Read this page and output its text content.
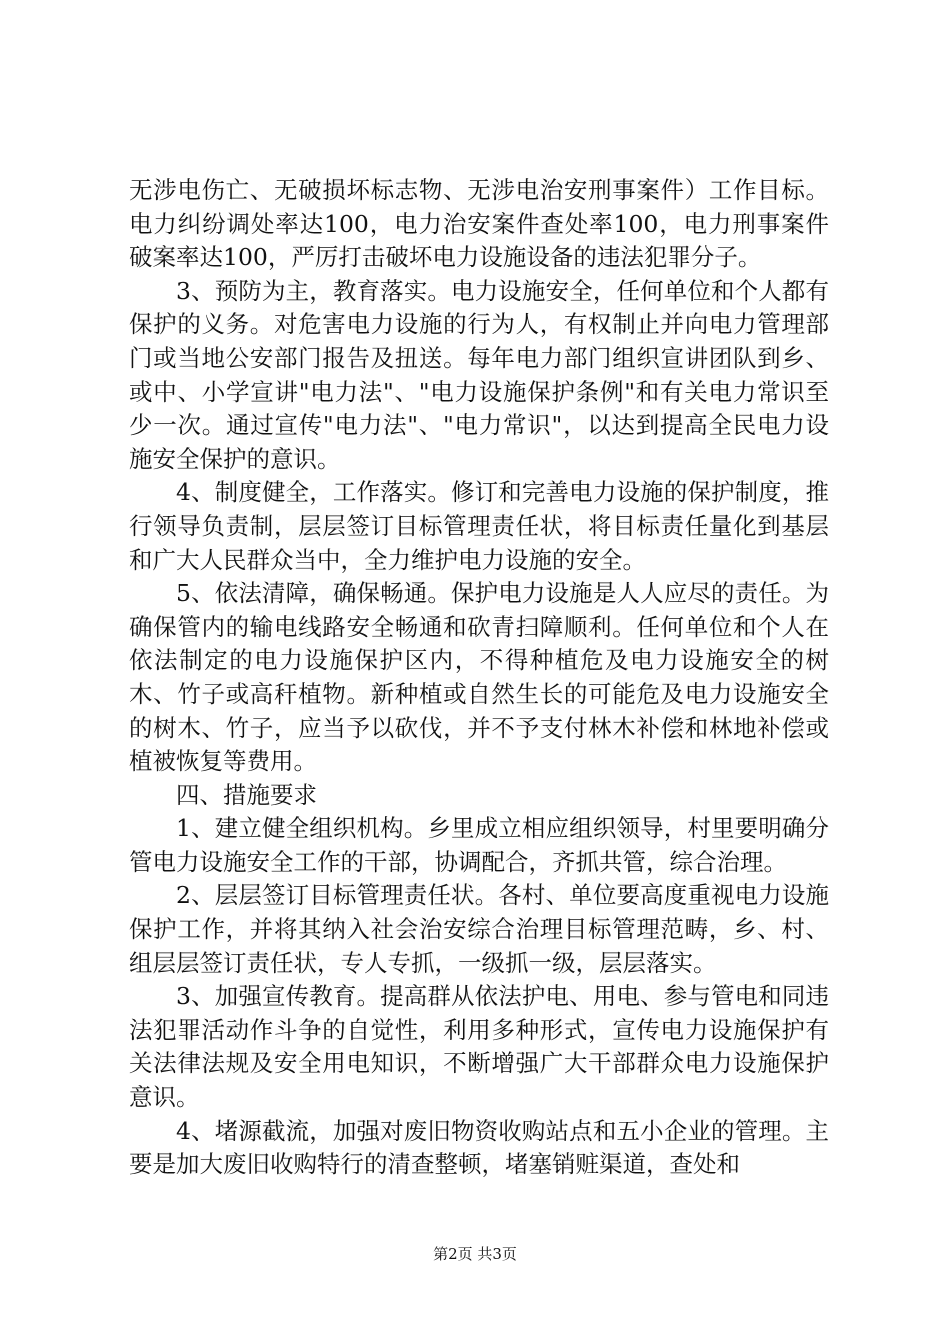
无涉电伤亡、无破损坏标志物、无涉电治安刑事案件）工作目标。电力纠纷调处率达100，电力治安案件查处率100，电力刑事案件破案率达100，严厉打击破坏电力设施设备的违法犯罪分子。

3、预防为主，教育落实。电力设施安全，任何单位和个人都有保护的义务。对危害电力设施的行为人，有权制止并向电力管理部门或当地公安部门报告及扭送。每年电力部门组织宣讲团队到乡、或中、小学宣讲"电力法"、"电力设施保护条例"和有关电力常识至少一次。通过宣传"电力法"、"电力常识"，以达到提高全民电力设施安全保护的意识。

4、制度健全，工作落实。修订和完善电力设施的保护制度，推行领导负责制，层层签订目标管理责任状，将目标责任量化到基层和广大人民群众当中，全力维护电力设施的安全。

5、依法清障，确保畅通。保护电力设施是人人应尽的责任。为确保管内的输电线路安全畅通和砍青扫障顺利。任何单位和个人在依法制定的电力设施保护区内，不得种植危及电力设施安全的树木、竹子或高秆植物。新种植或自然生长的可能危及电力设施安全的树木、竹子，应当予以砍伐，并不予支付林木补偿和林地补偿或植被恢复等费用。

四、措施要求

1、建立健全组织机构。乡里成立相应组织领导，村里要明确分管电力设施安全工作的干部，协调配合，齐抓共管，综合治理。

2、层层签订目标管理责任状。各村、单位要高度重视电力设施保护工作，并将其纳入社会治安综合治理目标管理范畴，乡、村、组层层签订责任状，专人专抓，一级抓一级，层层落实。

3、加强宣传教育。提高群从依法护电、用电、参与管电和同违法犯罪活动作斗争的自觉性，利用多种形式，宣传电力设施保护有关法律法规及安全用电知识，不断增强广大干部群众电力设施保护意识。

4、堵源截流，加强对废旧物资收购站点和五小企业的管理。主要是加大废旧收购特行的清查整顿，堵塞销赃渠道，查处和

第2页 共3页
